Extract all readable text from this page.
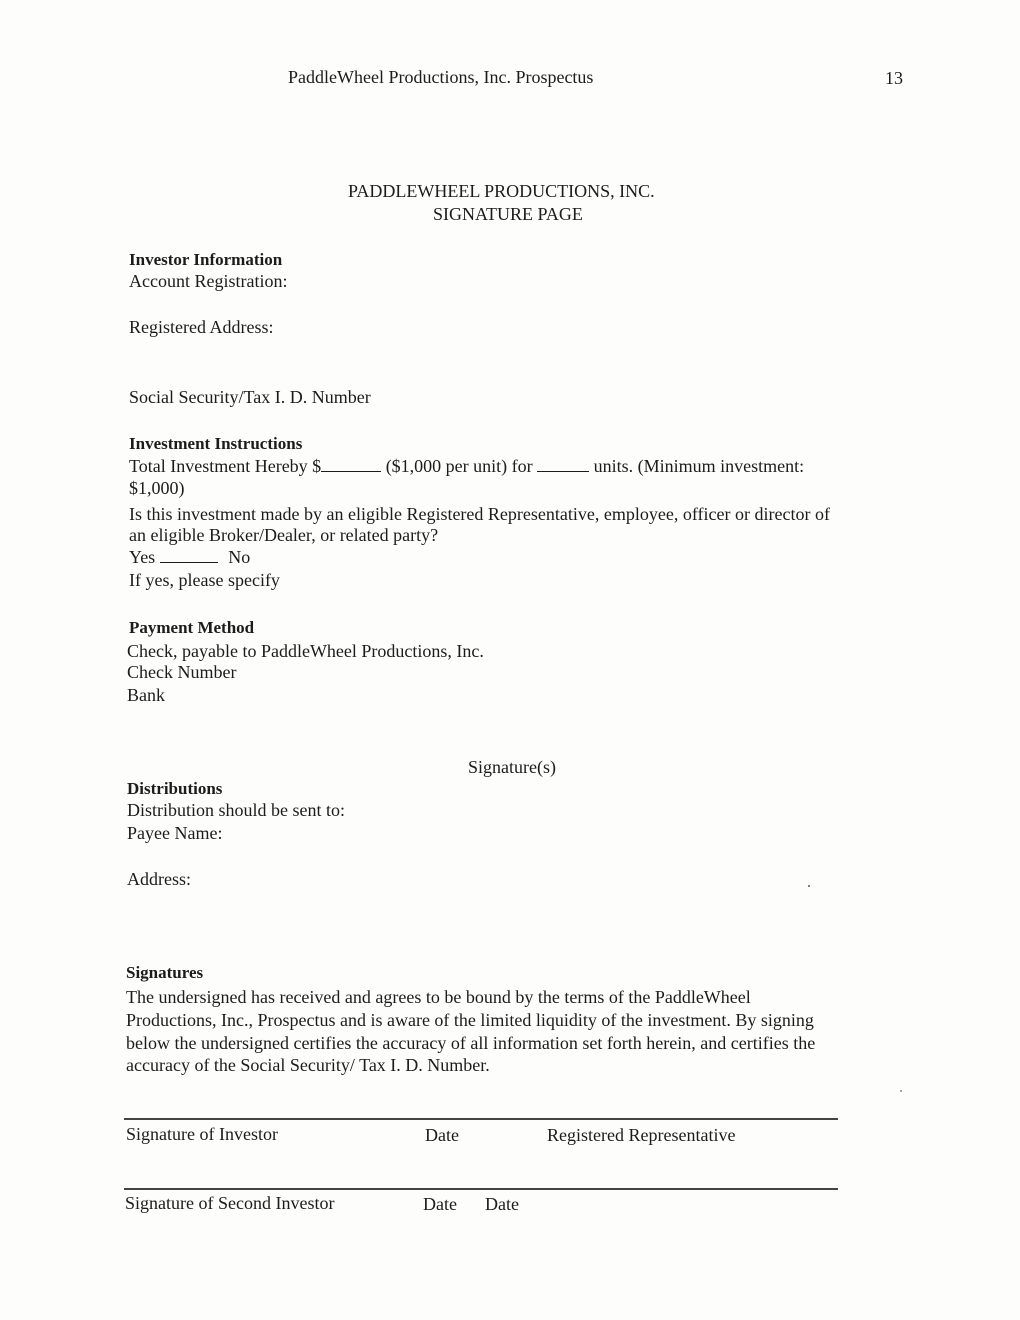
PaddleWheel Productions, Inc. Prospectus	13
PADDLEWHEEL PRODUCTIONS, INC.
SIGNATURE PAGE
Investor Information
Account Registration:
Registered Address:
Social Security/Tax I. D. Number
Investment Instructions
Total Investment Hereby $	($1,000 per unit) for	units. (Minimum investment:
$1,000)
Is this investment made by an eligible Registered Representative, employee, officer or director of
an eligible Broker/Dealer, or related party?
Yes	No
If yes, please specify
Payment Method
Check, payable to PaddleWheel Productions, Inc.
Check Number
Bank
Signature(s)
Distributions
Distribution should be sent to:
Payee Name:
Address:
Signatures
The undersigned has received and agrees to be bound by the terms of the PaddleWheel
Productions, Inc., Prospectus and is aware of the limited liquidity of the investment. By signing
below the undersigned certifies the accuracy of all information set forth herein, and certifies the
accuracy of the Social Security/ Tax I. D. Number.
Signature of Investor	Date	Registered Representative
Signature of Second Investor	Date Date
